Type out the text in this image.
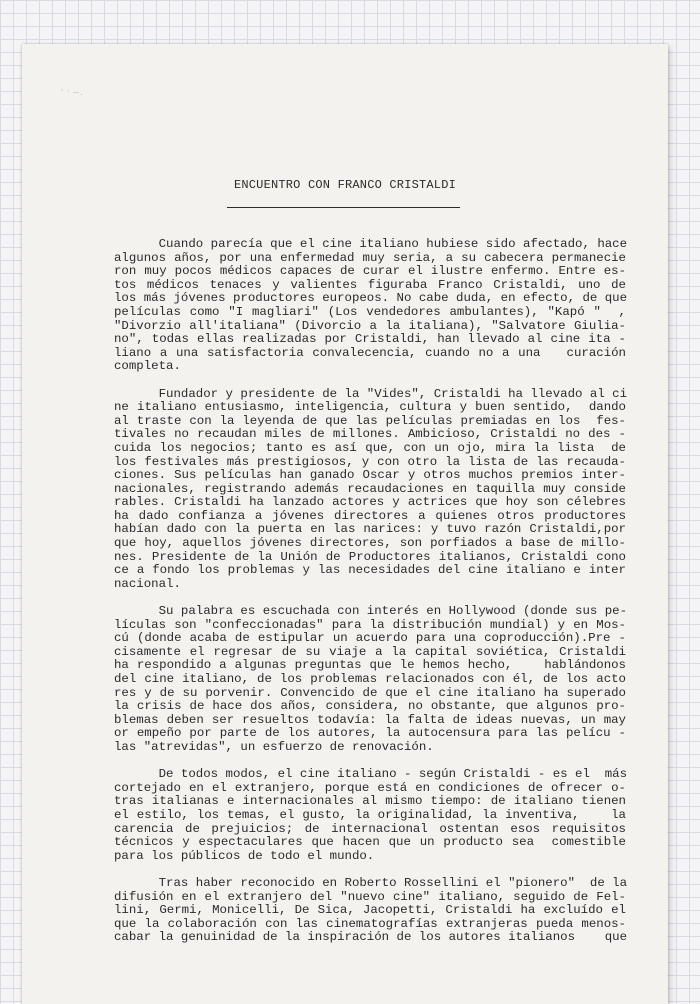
˜ ˈ ~-.
ENCUENTRO CON FRANCO CRISTALDI
Cuando parecía que el cine italiano hubiese sido afectado, hace
algunos años, por una enfermedad muy seria, a su cabecera permanecie
ron muy pocos médicos capaces de curar el ilustre enfermo. Entre es-
tos médicos tenaces y valientes figuraba Franco Cristaldi, uno de
los más jóvenes productores europeos. No cabe duda, en efecto, de que
películas como "I magliari" (Los vendedores ambulantes), "Kapó "  ,
"Divorzio all'italiana" (Divorcio a la italiana), "Salvatore Giulia-
no", todas ellas realizadas por Cristaldi, han llevado al cine ita -
liano a una satisfactoria convalecencia, cuando no a una   curación
completa.
Fundador y presidente de la "Vides", Cristaldi ha llevado al ci
ne italiano entusiasmo, inteligencia, cultura y buen sentido,  dando
al traste con la leyenda de que las películas premiadas en los  fes-
tivales no recaudan miles de millones. Ambicioso, Cristaldi no des -
cuida los negocios; tanto es así que, con un ojo, mira la lista  de
los festivales más prestigiosos, y con otro la lista de las recauda-
ciones. Sus películas han ganado Oscar y otros muchos premios inter-
nacionales, registrando además recaudaciones en taquilla muy conside
rables. Cristaldi ha lanzado actores y actrices que hoy son célebres
ha dado confianza a jóvenes directores a quienes otros productores
habían dado con la puerta en las narices: y tuvo razón Cristaldi,por
que hoy, aquellos jóvenes directores, son porfiados a base de millo-
nes. Presidente de la Unión de Productores italianos, Cristaldi cono
ce a fondo los problemas y las necesidades del cine italiano e inter
nacional.
Su palabra es escuchada con interés en Hollywood (donde sus pe-
lículas son "confeccionadas" para la distribución mundial) y en Mos-
cú (donde acaba de estipular un acuerdo para una coproducción).Pre -
cisamente el regresar de su viaje a la capital soviética, Cristaldi
ha respondido a algunas preguntas que le hemos hecho,    hablándonos
del cine italiano, de los problemas relacionados con él, de los acto
res y de su porvenir. Convencido de que el cine italiano ha superado
la crisis de hace dos años, considera, no obstante, que algunos pro-
blemas deben ser resueltos todavía: la falta de ideas nuevas, un may
or empeño por parte de los autores, la autocensura para las pelícu -
las "atrevidas", un esfuerzo de renovación.
De todos modos, el cine italiano - según Cristaldi - es el  más
cortejado en el extranjero, porque está en condiciones de ofrecer o-
tras italianas e internacionales al mismo tiempo: de italiano tienen
el estilo, los temas, el gusto, la originalidad, la inventiva,    la
carencia de prejuicios; de internacional ostentan esos requisitos
técnicos y espectaculares que hacen que un producto sea  comestible
para los públicos de todo el mundo.
Tras haber reconocido en Roberto Rossellini el "pionero"  de la
difusión en el extranjero del "nuevo cine" italiano, seguido de Fel-
lini, Germi, Monicelli, De Sica, Jacopetti, Cristaldi ha excluído el
que la colaboración con las cinematografías extranjeras pueda menos-
cabar la genuinidad de la inspiración de los autores italianos    que
